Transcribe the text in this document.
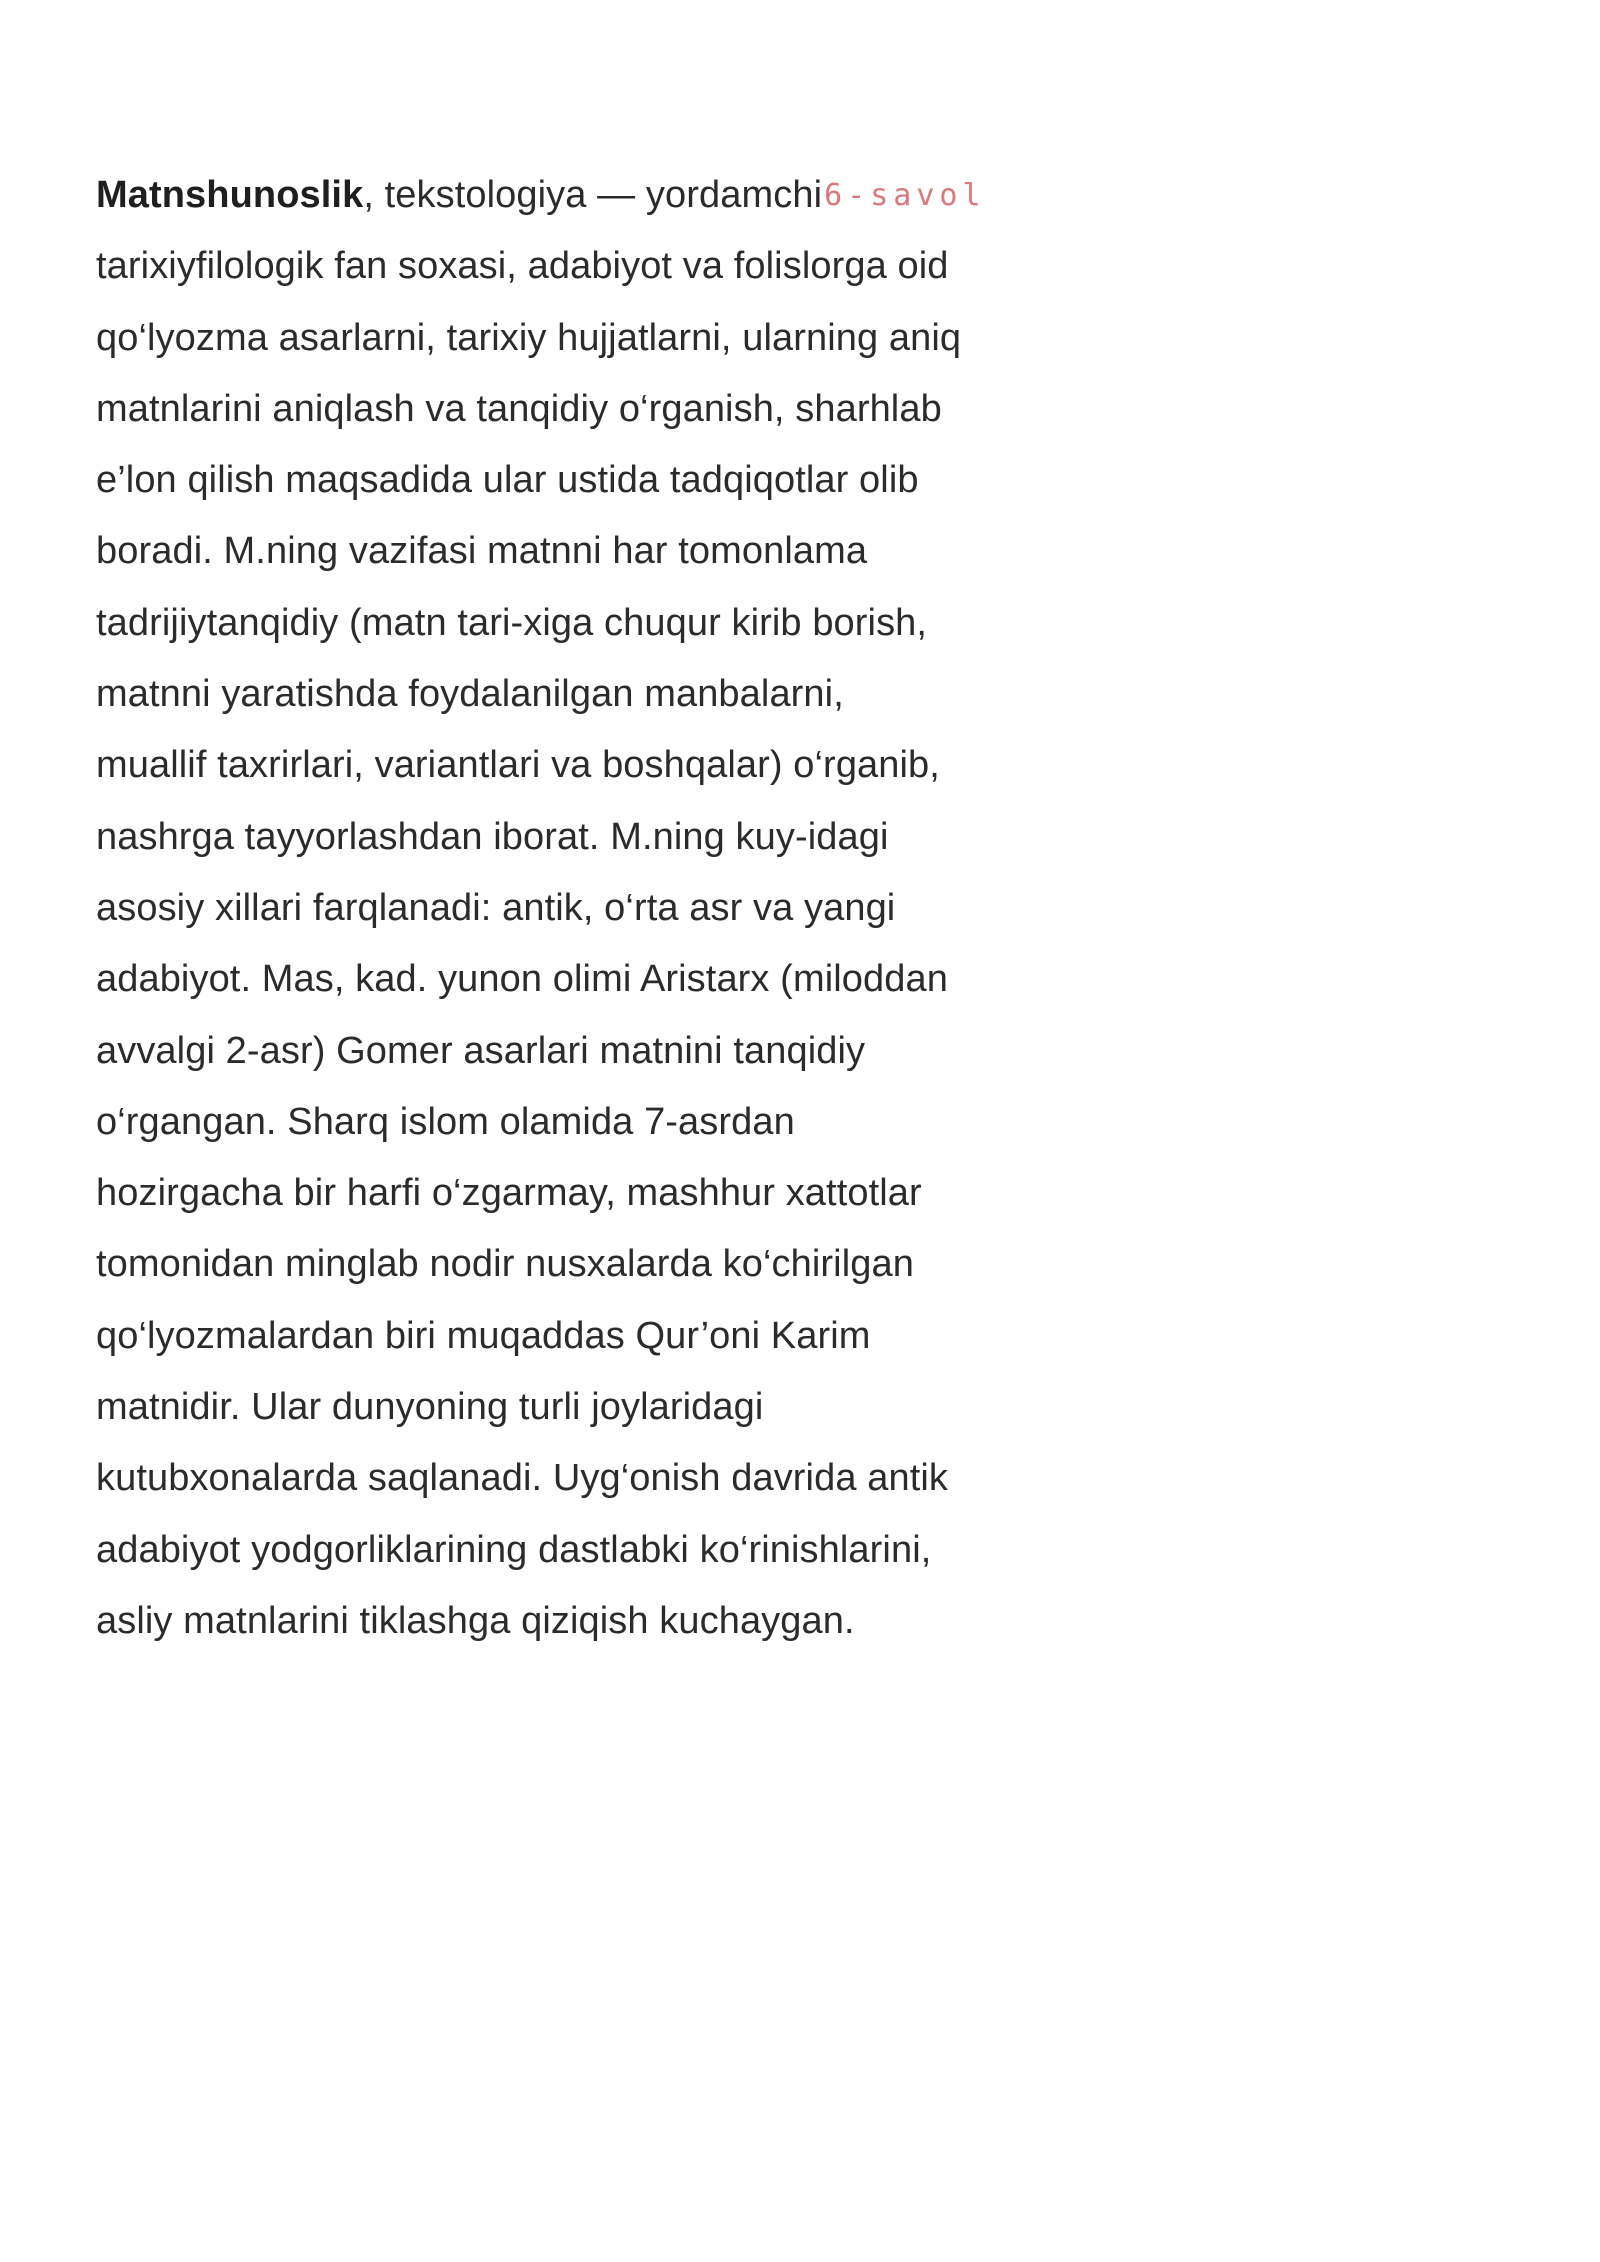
Matnshunoslik, tekstologiya — yordamchi6-savol
tarixiyfilologik fan soxasi, adabiyot va folislorga oid
qo‘lyozma asarlarni, tarixiy hujjatlarni, ularning aniq
matnlarini aniqlash va tanqidiy o‘rganish, sharhlab
e’lon qilish maqsadida ular ustida tadqiqotlar olib
boradi. M.ning vazifasi matnni har tomonlama
tadrijiytanqidiy (matn tari-xiga chuqur kirib borish,
matnni yaratishda foydalanilgan manbalarni,
muallif taxrirlari, variantlari va boshqalar) o‘rganib,
nashrga tayyorlashdan iborat. M.ning kuy-idagi
asosiy xillari farqlanadi: antik, o‘rta asr va yangi
adabiyot. Mas, kad. yunon olimi Aristarx (miloddan
avvalgi 2-asr) Gomer asarlari matnini tanqidiy
o‘rgangan. Sharq islom olamida 7-asrdan
hozirgacha bir harfi o‘zgarmay, mashhur xattotlar
tomonidan minglab nodir nusxalarda ko‘chirilgan
qo‘lyozmalardan biri muqaddas Qur’oni Karim
matnidir. Ular dunyoning turli joylaridagi
kutubxonalarda saqlanadi. Uyg‘onish davrida antik
adabiyot yodgorliklarining dastlabki ko‘rinishlarini,
asliy matnlarini tiklashga qiziqish kuchaygan.
